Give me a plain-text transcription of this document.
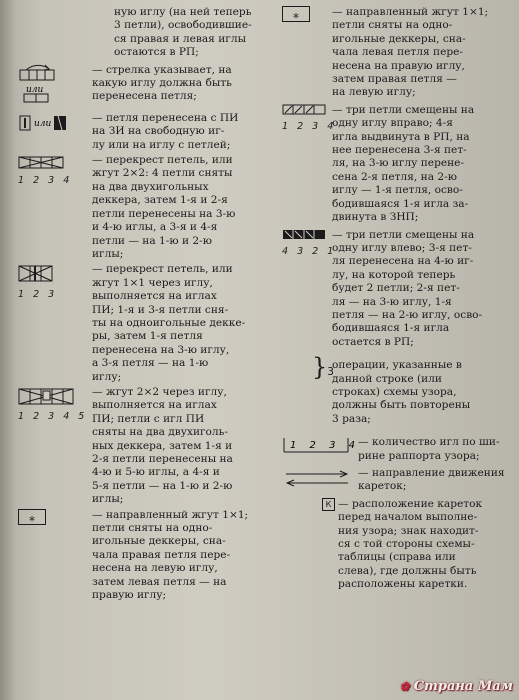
ную иглу (на ней теперь
3 петли), освободившие-
ся правая и левая иглы
остаются в РП;
или
— стрелка указывает, на
какую иглу должна быть
перенесена петля;
или	— петля перенесена с ПИ
на ЗИ на свободную иг-
лу или на иглу с петлей;
1 2 3 4
— перекрест петель, или
жгут 2×2: 4 петли сняты
на два двухигольных
деккера, затем 1-я и 2-я
петли перенесены на 3-ю
и 4-ю иглы, а 3-я и 4-я
петли — на 1-ю и 2-ю
иглы;
1 2 3
— перекрест петель, или
жгут 1×1 через иглу,
выполняется на иглах
ПИ; 1-я и 3-я петли сня-
ты на одноигольные декке-
ры, затем 1-я петля
перенесена на 3-ю иглу,
а 3-я петля — на 1-ю
иглу;
1 2 3 4 5
— жгут 2×2 через иглу,
выполняется на иглах
ПИ; петли с игл ПИ
сняты на два двухиголь-
ных деккера, затем 1-я и
2-я петли перенесены на
4-ю и 5-ю иглы, а 4-я и
5-я петли — на 1-ю и 2-ю
иглы;
⁎	— направленный жгут 1×1;
петли сняты на одно-
игольные деккеры, сна-
чала правая петля пере-
несена на левую иглу,
затем левая петля — на
правую иглу;
⁎	— направленный жгут 1×1;
петли сняты на одно-
игольные деккеры, сна-
чала левая петля пере-
несена на правую иглу,
затем правая петля —
на левую иглу;
1 2 3 4
— три петли смещены на
одну иглу вправо; 4-я
игла выдвинута в РП, на
нее перенесена 3-я пет-
ля, на 3-ю иглу перене-
сена 2-я петля, на 2-ю
иглу — 1-я петля, осво-
бодившаяся 1-я игла за-
двинута в ЗНП;
4 3 2 1
— три петли смещены на
одну иглу влево; 3-я пет-
ля перенесена на 4-ю иг-
лу, на которой теперь
будет 2 петли; 2-я пет-
ля — на 3-ю иглу, 1-я
петля — на 2-ю иглу, осво-
бодившаяся 1-я игла
остается в РП;
}3
операции, указанные в
данной строке (или
строках) схемы узора,
должны быть повторены
3 раза;
1 2 3 4
— количество игл по ши-
рине раппорта узора;
— направление движения
кареток;
К — расположение кареток
перед началом выполне-
ния узора; знак находит-
ся с той стороны схемы-
таблицы (справа или
слева), где должны быть
расположены каретки.
✿ Страна Мам
